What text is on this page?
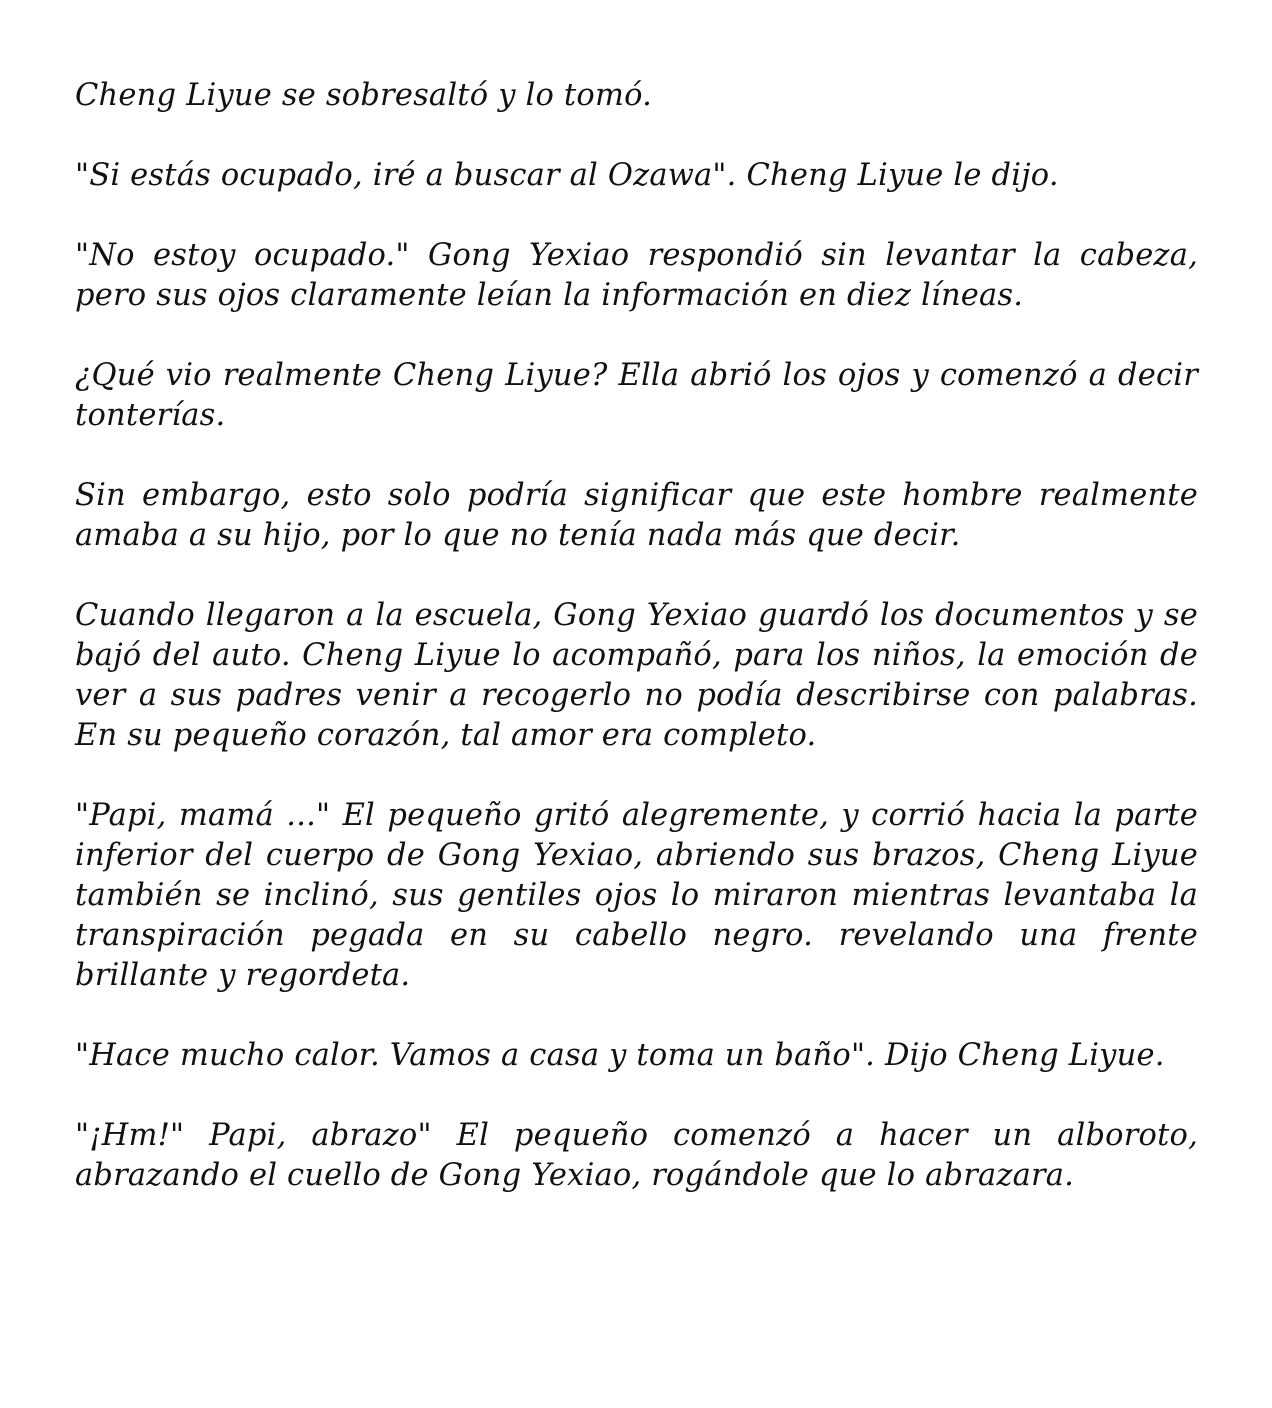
Cheng Liyue se sobresaltó y lo tomó.

"Si estás ocupado, iré a buscar al Ozawa". Cheng Liyue le dijo.

"No estoy ocupado." Gong Yexiao respondió sin levantar la cabeza, pero sus ojos claramente leían la información en diez líneas.

¿Qué vio realmente Cheng Liyue? Ella abrió los ojos y comenzó a decir tonterías.

Sin embargo, esto solo podría significar que este hombre realmente amaba a su hijo, por lo que no tenía nada más que decir.

Cuando llegaron a la escuela, Gong Yexiao guardó los documentos y se bajó del auto. Cheng Liyue lo acompañó, para los niños, la emoción de ver a sus padres venir a recogerlo no podía describirse con palabras. En su pequeño corazón, tal amor era completo.

"Papi, mamá ..." El pequeño gritó alegremente, y corrió hacia la parte inferior del cuerpo de Gong Yexiao, abriendo sus brazos, Cheng Liyue también se inclinó, sus gentiles ojos lo miraron mientras levantaba la transpiración pegada en su cabello negro. revelando una frente brillante y regordeta.

"Hace mucho calor. Vamos a casa y toma un baño". Dijo Cheng Liyue.

"¡Hm!" Papi, abrazo" El pequeño comenzó a hacer un alboroto, abrazando el cuello de Gong Yexiao, rogándole que lo abrazara.
